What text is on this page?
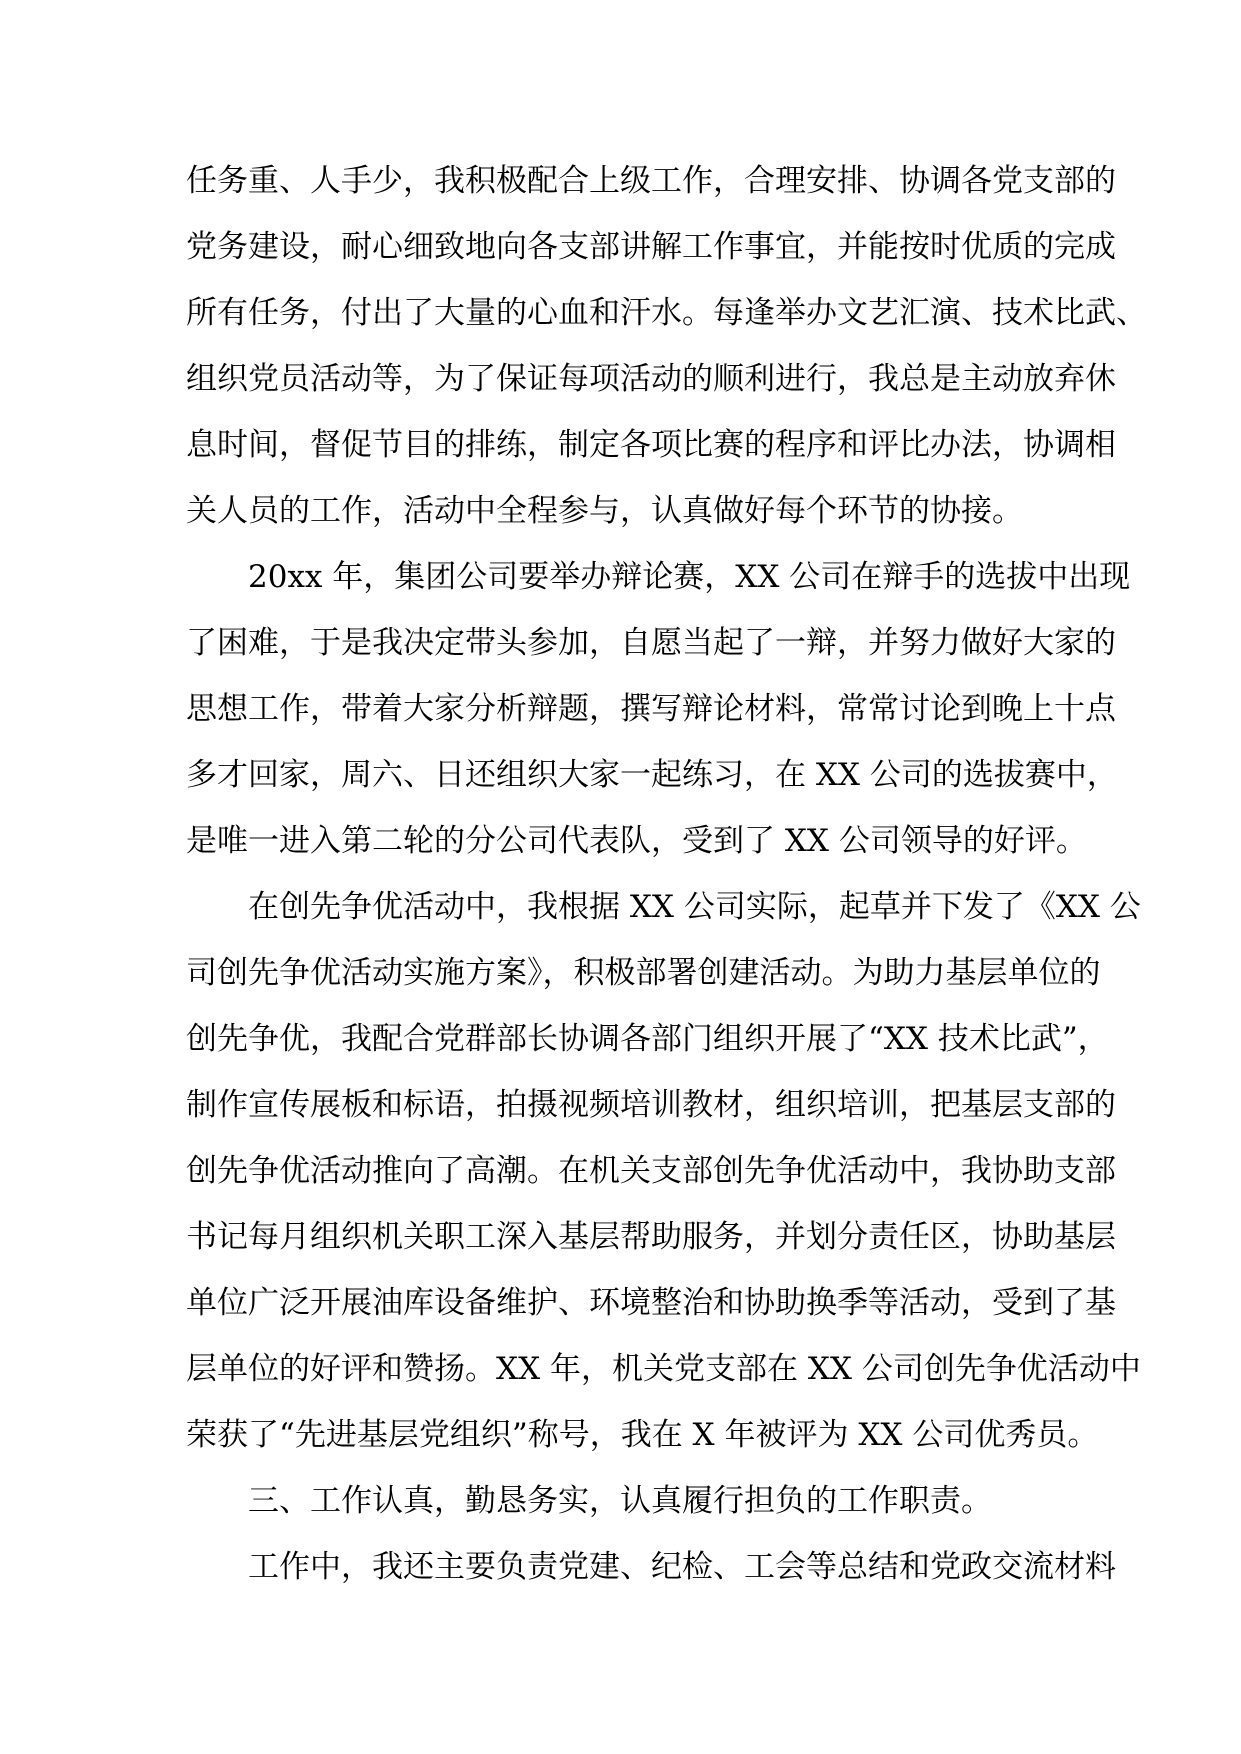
任务重、人手少，我积极配合上级工作，合理安排、协调各党支部的
党务建设，耐心细致地向各支部讲解工作事宜，并能按时优质的完成
所有任务，付出了大量的心血和汗水。每逢举办文艺汇演、技术比武、
组织党员活动等，为了保证每项活动的顺利进行，我总是主动放弃休
息时间，督促节目的排练，制定各项比赛的程序和评比办法，协调相
关人员的工作，活动中全程参与，认真做好每个环节的协接。
20xx 年，集团公司要举办辩论赛，XX 公司在辩手的选拔中出现
了困难，于是我决定带头参加，自愿当起了一辩，并努力做好大家的
思想工作，带着大家分析辩题，撰写辩论材料，常常讨论到晚上十点
多才回家，周六、日还组织大家一起练习，在 XX 公司的选拔赛中，
是唯一进入第二轮的分公司代表队，受到了 XX 公司领导的好评。
在创先争优活动中，我根据 XX 公司实际，起草并下发了《XX 公
司创先争优活动实施方案》，积极部署创建活动。为助力基层单位的
创先争优，我配合党群部长协调各部门组织开展了“XX 技术比武”，
制作宣传展板和标语，拍摄视频培训教材，组织培训，把基层支部的
创先争优活动推向了高潮。在机关支部创先争优活动中，我协助支部
书记每月组织机关职工深入基层帮助服务，并划分责任区，协助基层
单位广泛开展油库设备维护、环境整治和协助换季等活动，受到了基
层单位的好评和赞扬。XX 年，机关党支部在 XX 公司创先争优活动中
荣获了“先进基层党组织”称号，我在 X 年被评为 XX 公司优秀员。
三、工作认真，勤恳务实，认真履行担负的工作职责。
工作中，我还主要负责党建、纪检、工会等总结和党政交流材料
